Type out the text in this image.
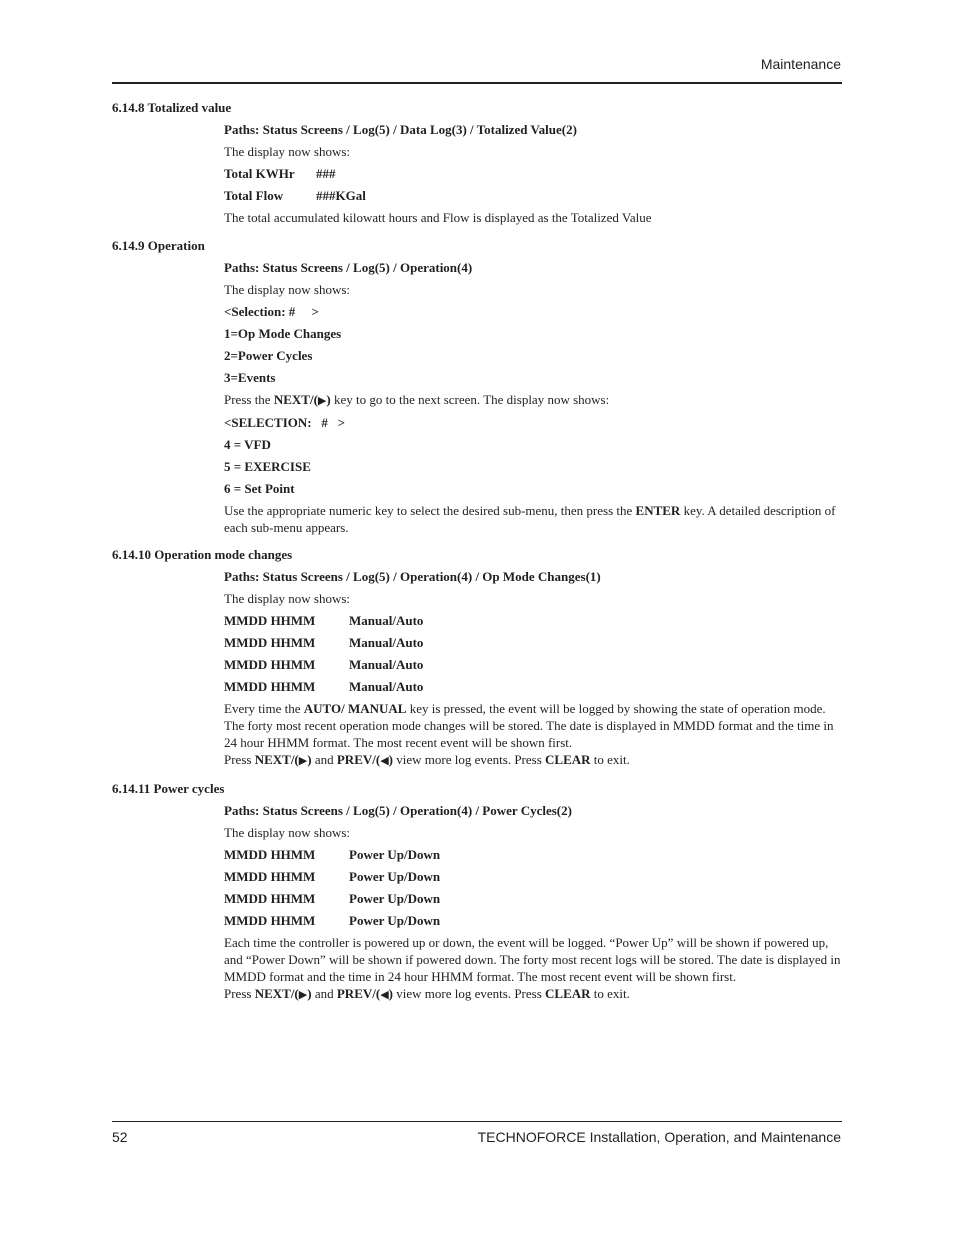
Maintenance
6.14.8 Totalized value
Paths: Status Screens / Log(5) / Data Log(3) / Totalized Value(2)
The display now shows:
Total KWHr	###
Total Flow	###KGal
The total accumulated kilowatt hours and Flow is displayed as the Totalized Value
6.14.9 Operation
Paths: Status Screens / Log(5) / Operation(4)
The display now shows:
<Selection: #     >
1=Op Mode Changes
2=Power Cycles
3=Events
Press the NEXT/(▶) key to go to the next screen. The display now shows:
<SELECTION:   #   >
4 = VFD
5 = EXERCISE
6 = Set Point
Use the appropriate numeric key to select the desired sub-menu, then press the ENTER key. A detailed description of each sub-menu appears.
6.14.10 Operation mode changes
Paths: Status Screens / Log(5) / Operation(4) / Op Mode Changes(1)
The display now shows:
MMDD HHMM	Manual/Auto
MMDD HHMM	Manual/Auto
MMDD HHMM	Manual/Auto
MMDD HHMM	Manual/Auto
Every time the AUTO/ MANUAL key is pressed, the event will be logged by showing the state of operation mode. The forty most recent operation mode changes will be stored. The date is displayed in MMDD format and the time in 24 hour HHMM format. The most recent event will be shown first.
Press NEXT/(▶) and PREV/(◀) view more log events. Press CLEAR to exit.
6.14.11 Power cycles
Paths: Status Screens / Log(5) / Operation(4) / Power Cycles(2)
The display now shows:
MMDD HHMM	Power Up/Down
MMDD HHMM	Power Up/Down
MMDD HHMM	Power Up/Down
MMDD HHMM	Power Up/Down
Each time the controller is powered up or down, the event will be logged. “Power Up” will be shown if powered up, and “Power Down” will be shown if powered down. The forty most recent logs will be stored. The date is displayed in MMDD format and the time in 24 hour HHMM format. The most recent event will be shown first.
Press NEXT/(▶) and PREV/(◀) view more log events. Press CLEAR to exit.
52	TECHNOFORCE Installation, Operation, and Maintenance
